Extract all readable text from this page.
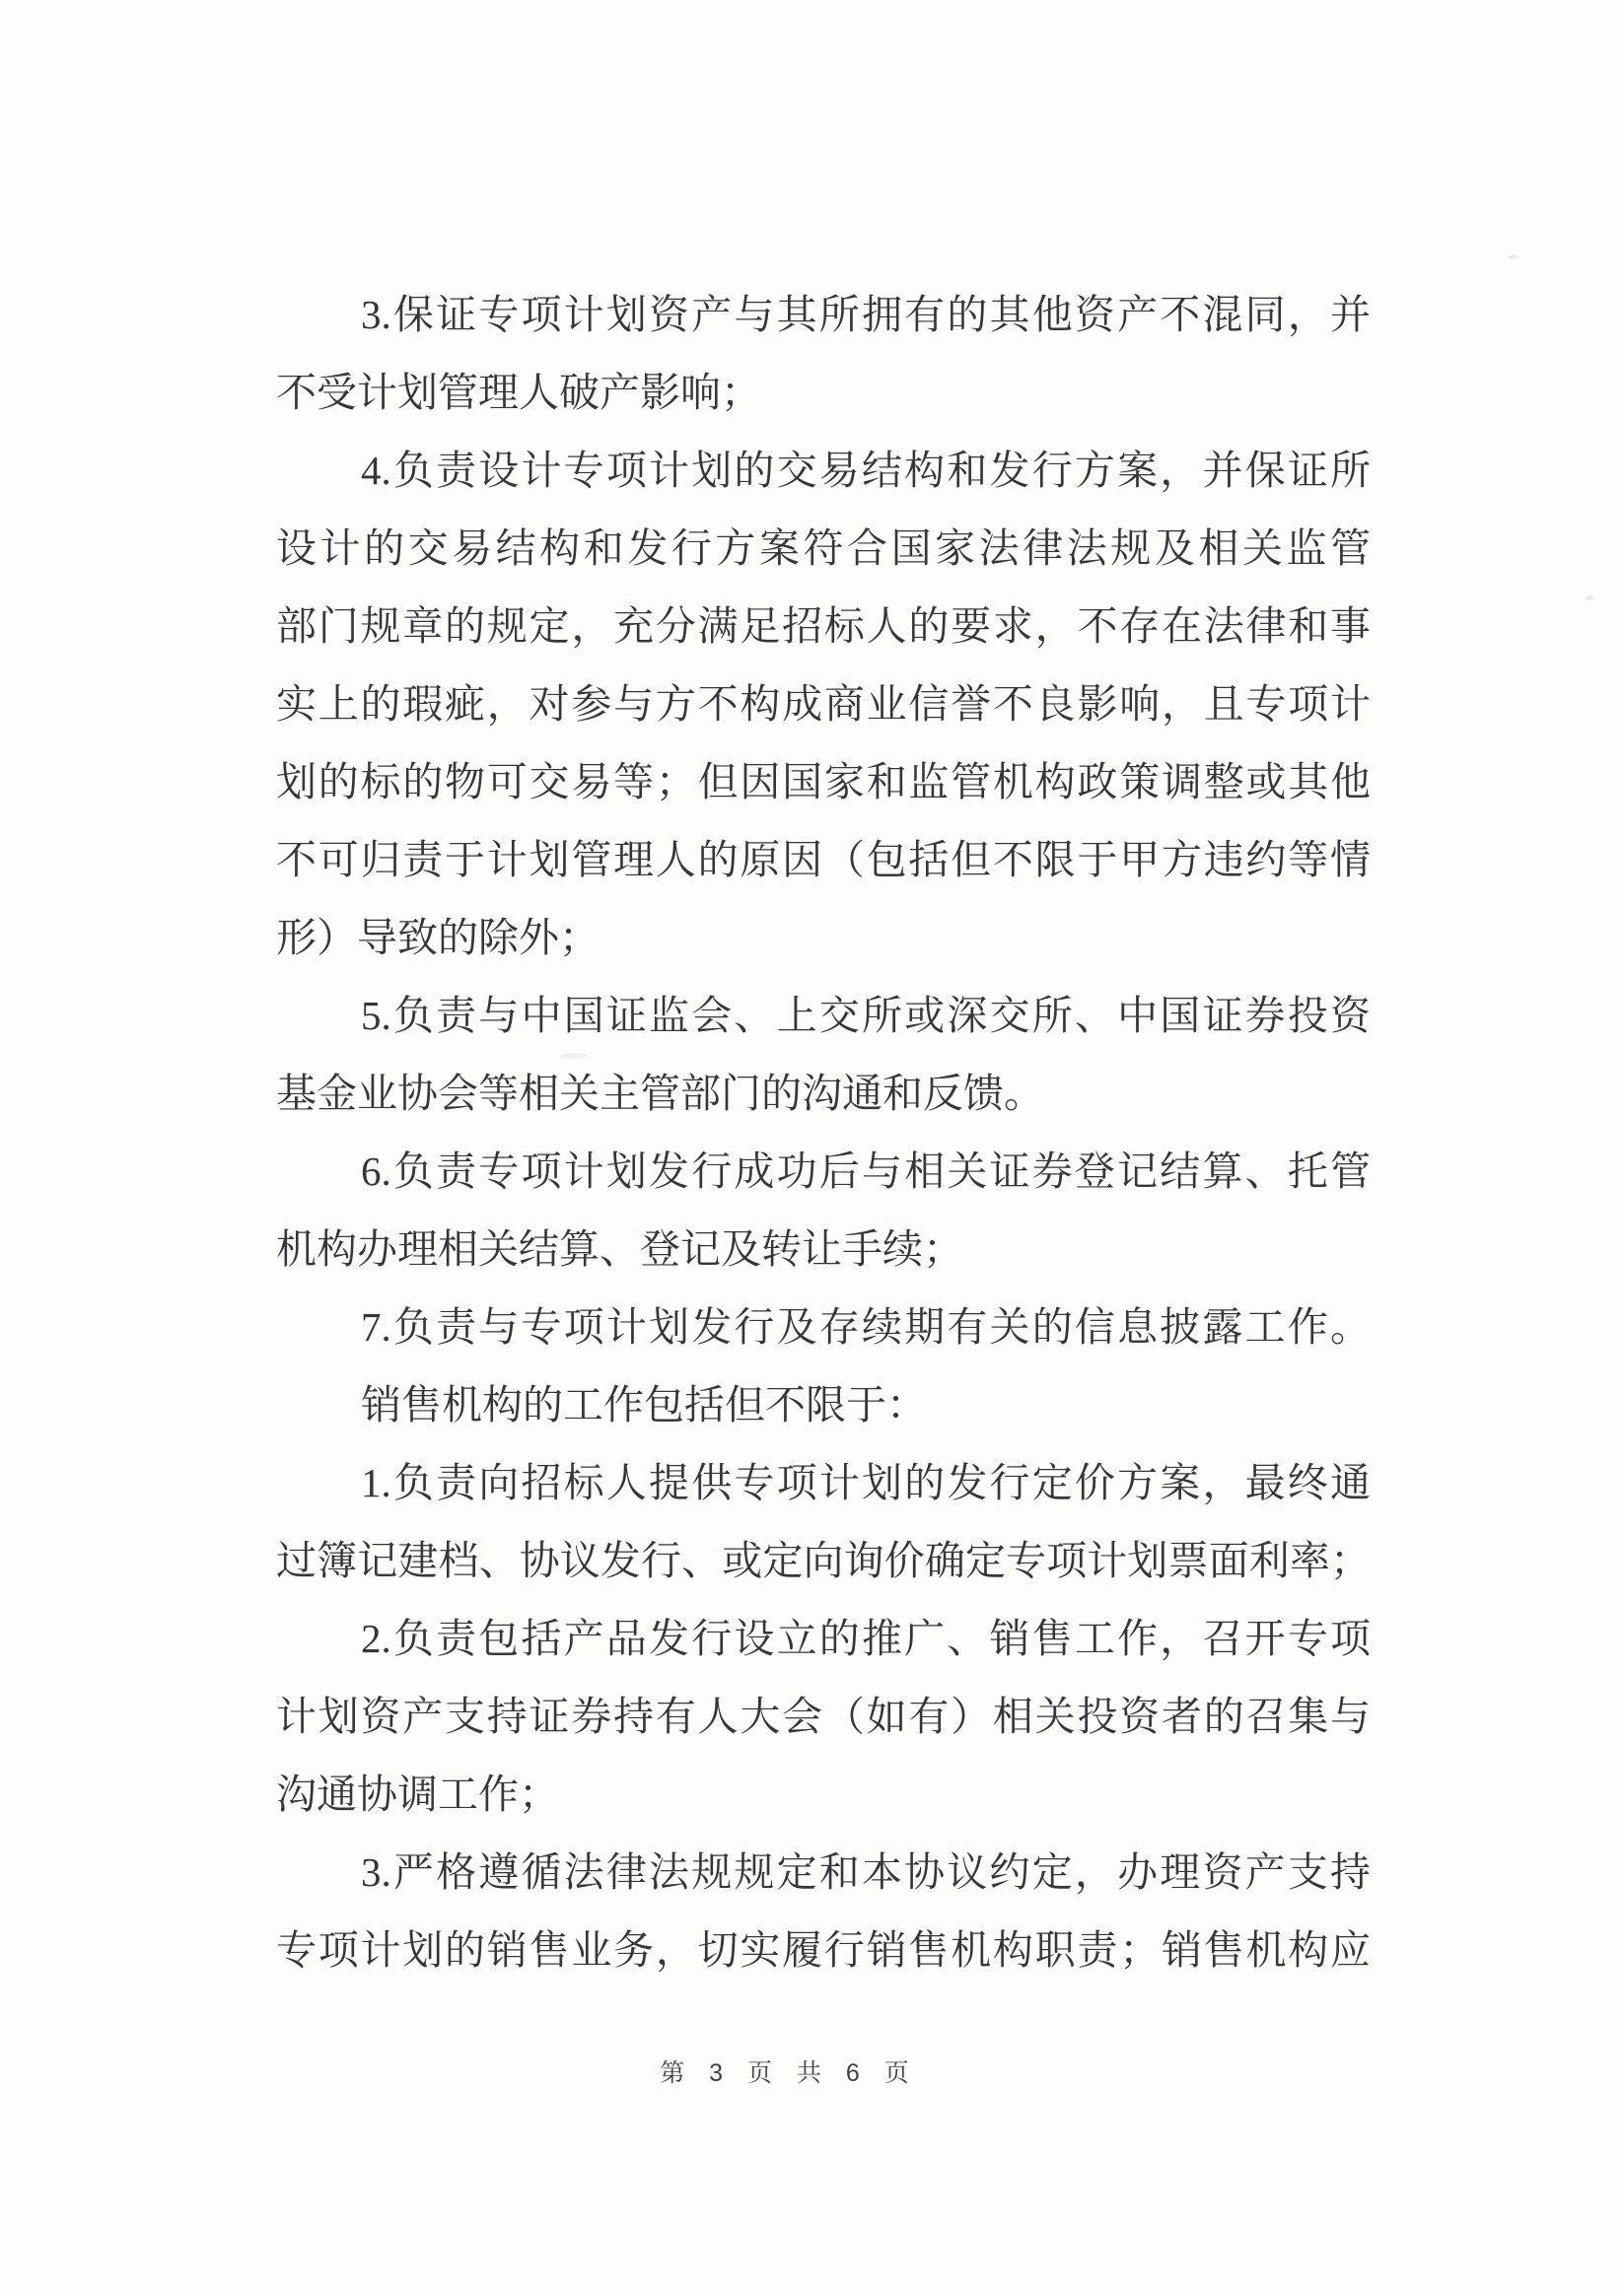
3.保证专项计划资产与其所拥有的其他资产不混同，并
不受计划管理人破产影响；
4.负责设计专项计划的交易结构和发行方案，并保证所
设计的交易结构和发行方案符合国家法律法规及相关监管
部门规章的规定，充分满足招标人的要求，不存在法律和事
实上的瑕疵，对参与方不构成商业信誉不良影响，且专项计
划的标的物可交易等；但因国家和监管机构政策调整或其他
不可归责于计划管理人的原因（包括但不限于甲方违约等情
形）导致的除外；
5.负责与中国证监会、上交所或深交所、中国证券投资
基金业协会等相关主管部门的沟通和反馈。
6.负责专项计划发行成功后与相关证券登记结算、托管
机构办理相关结算、登记及转让手续；
7.负责与专项计划发行及存续期有关的信息披露工作。
销售机构的工作包括但不限于：
1.负责向招标人提供专项计划的发行定价方案，最终通
过簿记建档、协议发行、或定向询价确定专项计划票面利率；
2.负责包括产品发行设立的推广、销售工作，召开专项
计划资产支持证券持有人大会（如有）相关投资者的召集与
沟通协调工作；
3.严格遵循法律法规规定和本协议约定，办理资产支持
专项计划的销售业务，切实履行销售机构职责；销售机构应
第 3 页 共 6 页
